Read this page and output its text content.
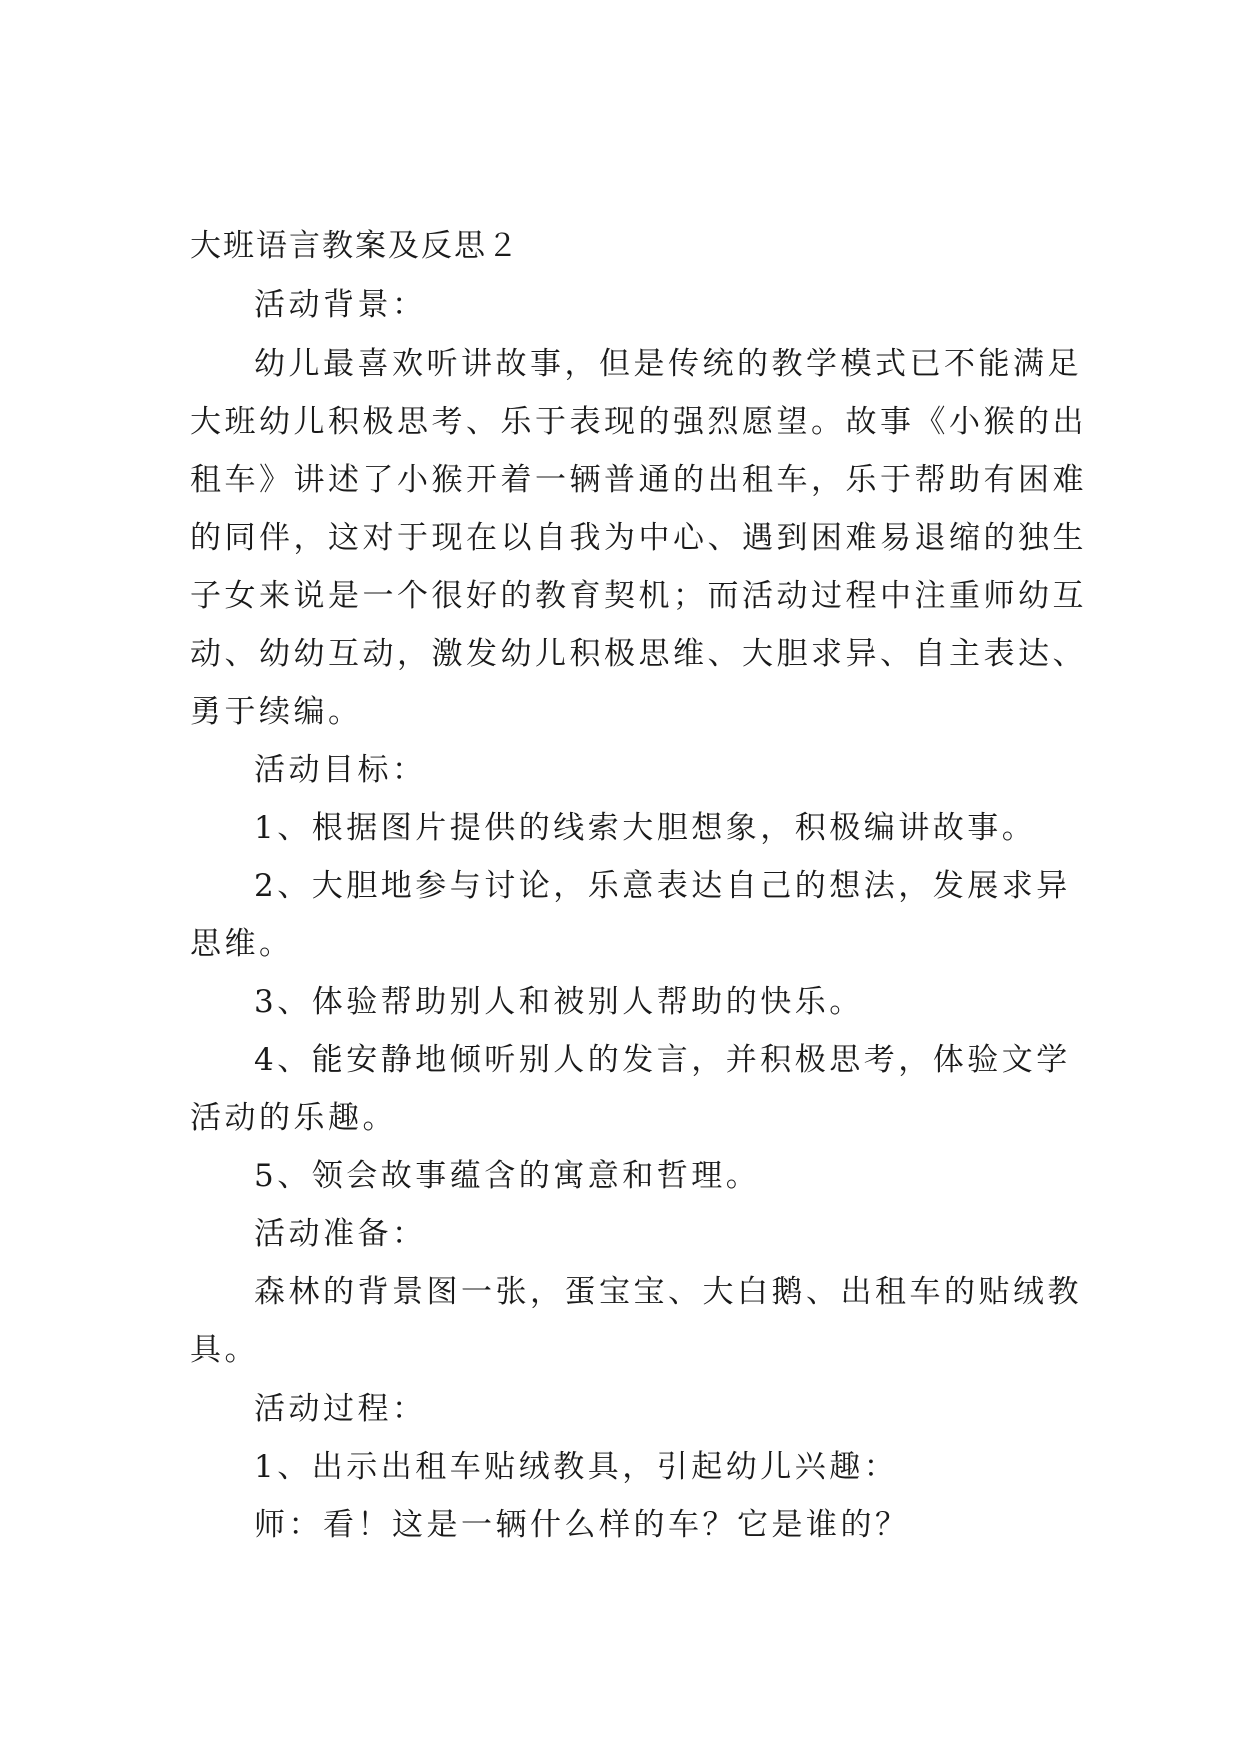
大班语言教案及反思２
活动背景：
幼儿最喜欢听讲故事，但是传统的教学模式已不能满足
大班幼儿积极思考、乐于表现的强烈愿望。故事《小猴的出
租车》讲述了小猴开着一辆普通的出租车，乐于帮助有困难
的同伴，这对于现在以自我为中心、遇到困难易退缩的独生
子女来说是一个很好的教育契机；而活动过程中注重师幼互
动、幼幼互动，激发幼儿积极思维、大胆求异、自主表达、
勇于续编。
活动目标：
1、根据图片提供的线索大胆想象，积极编讲故事。
2、大胆地参与讨论，乐意表达自己的想法，发展求异
思维。
3、体验帮助别人和被别人帮助的快乐。
4、能安静地倾听别人的发言，并积极思考，体验文学
活动的乐趣。
5、领会故事蕴含的寓意和哲理。
活动准备：
森林的背景图一张，蛋宝宝、大白鹅、出租车的贴绒教
具。
活动过程：
1、出示出租车贴绒教具，引起幼儿兴趣：
师：看！这是一辆什么样的车？它是谁的？
